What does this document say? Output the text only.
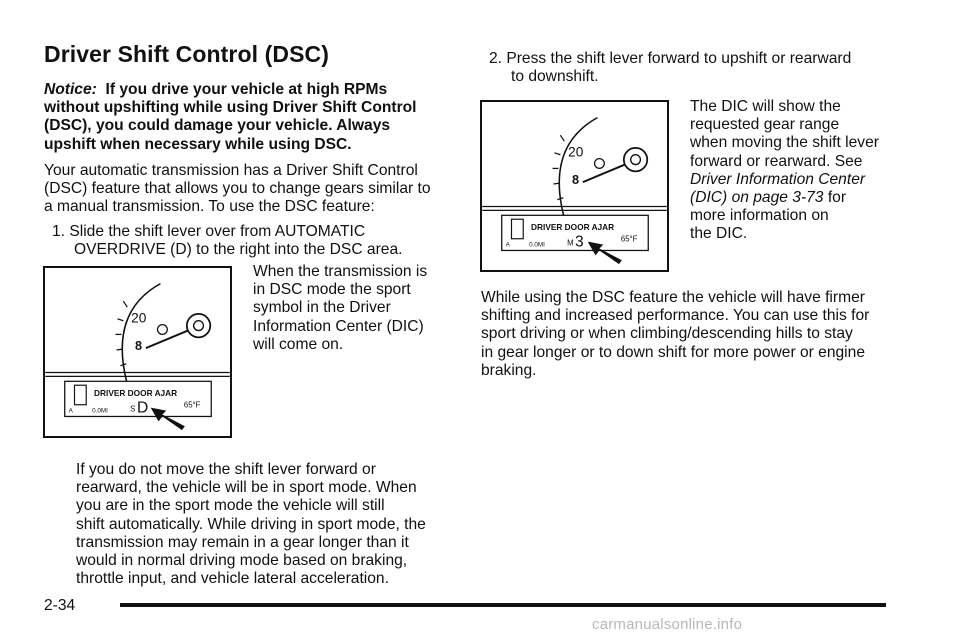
Driver Shift Control (DSC)

Notice: If you drive your vehicle at high RPMs

without upshifting while using Driver Shift Control

(DSC), you could damage your vehicle. Always

upshift when necessary while using DSC.

Your automatic transmission has a Driver Shift Control

(DSC) feature that allows you to change gears similar to

a manual transmission. To use the DSC feature:

1. Slide the shift lever over from AUTOMATIC

OVERDRIVE (D) to the right into the DSC area.

When the transmission is

in DSC mode the sport

symbol in the Driver

Information Center (DIC)

will come on.

20
8
DRIVER DOOR AJAR
A	0.0MI	S D	65°F

If you do not move the shift lever forward or

rearward, the vehicle will be in sport mode. When

you are in the sport mode the vehicle will still

shift automatically. While driving in sport mode, the

transmission may remain in a gear longer than it

would in normal driving mode based on braking,

throttle input, and vehicle lateral acceleration.

2. Press the shift lever forward to upshift or rearward

to downshift.

20
8
DRIVER DOOR AJAR
A	0.0MI	M 3	65°F

The DIC will show the

requested gear range

when moving the shift lever

forward or rearward. See

Driver Information Center

(DIC) on page 3-73 for

more information on

the DIC.

While using the DSC feature the vehicle will have firmer

shifting and increased performance. You can use this for

sport driving or when climbing/descending hills to stay

in gear longer or to down shift for more power or engine

braking.

2-34
carmanualsonline.info
